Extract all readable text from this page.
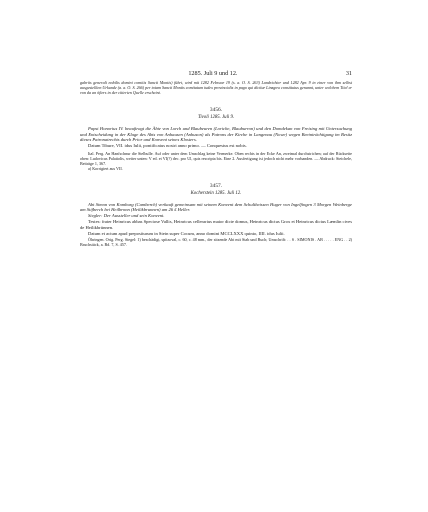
1285. Juli 9 und 12.	31

gabriis generali nobilis domini comitis Sancti Montis) führt, wird mit 1282 Februar 19 (s. a. O. S. 263) Landrichter und 1282 Apr. 9 in einer von ihm selbst ausgestellten Urkunde (a. a. O. S. 266) per totam Sancti Montis comitatum iudex provincialis in pago qui dicitur Linzgow constitutus genannt, unter welchem Titel er von da an öfters in der citierten Quelle erscheint.

3456.
Tivoli 1285. Juli 9.

Papst Honorius IV. beauftragt die Äbte von Lorch und Blaubeuren (Loriche, Blauburron) und den Domdekan von Freising mit Untersuchung und Entscheidung in der Klage des Abts von Anhausen (Anhuson) als Patrons der Kirche in Langenau (Nowe) wegen Beeinträchtigung im Besitz dieses Patronatrechts durch Prior und Konvent seines Klosters.

Datum Tibure, VII. idus Iulii, pontificatus nostri anno primo. — Conquestus est nobis.

Ital. Perg. An Hanfschnur die Stelbulle. Auf oder unter dem Umschlag keine Vermerke. Oben rechts in der Ecke An, zweimal durchstrichen; auf der Rückseite oben: Ludovicus Palatiolis, weiter unten: V ed. et VI(?) dec. pro Ul, quis rescripta bis. Eine 2. Ausfertigung ist jedoch nicht mehr vorhanden. — Abdruck: Steichele, Beiträge 1, 367.

a) Korrigiert aus VII.

3457.
Kocherstein 1285. Juli 12.

Abt Simon von Komburg (Camberch) verkauft gemeinsam mit seinem Konvent dem Schultheissen Huger von Ingelfingen 3 Morgen Weinberge am Stifberch bei Heilbronn (Heilikbrunnen) am 26 £ Heller.

Siegler: Der Aussteller und sein Konvent.

Testes: frater Heinricus abbas Speciose Vallis, Heinricus cellerarius maior dicte domus, Heinricus dictus Grox et Heinricus dictus Læmlin cives de Heilikbrünnen.

Datum et actum apud prepositurum in Stein super Cocum, anno domini MCCLXXX quinto, IIII. idus Iulii.

Öhringen. Orig. Perg. Siegel: 1) beschädigt, spitzoval, c. 60, c. 48 mm., der sitzende Abt mit Stab und Buch; Umschrift: . . S . SIMONIS . AB . . . . . ENG . . 2) Bruchstück, a. Bd. 7, S. 457.
